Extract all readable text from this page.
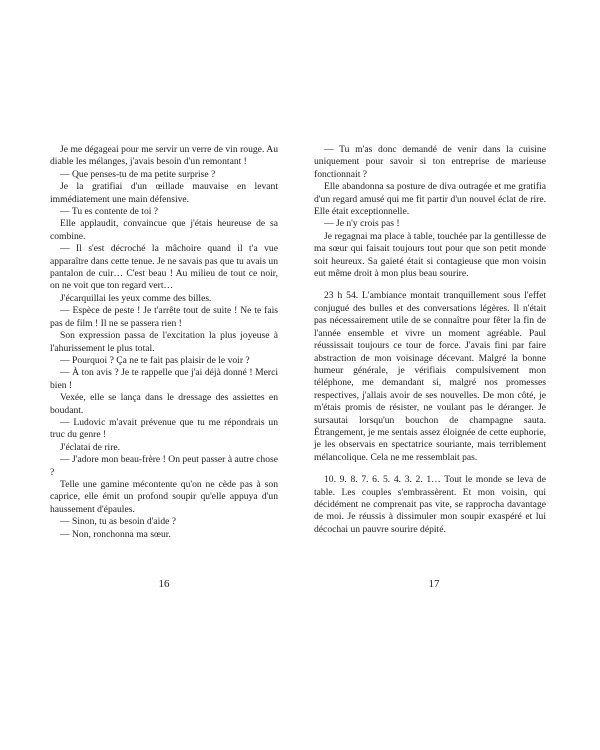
Je me dégageai pour me servir un verre de vin rouge. Au diable les mélanges, j'avais besoin d'un remontant !

— Que penses-tu de ma petite surprise ?

Je la gratifiai d'un œillade mauvaise en levant immédiatement une main défensive.

— Tu es contente de toi ?

Elle applaudit, convaincue que j'étais heureuse de sa combine.

— Il s'est décroché la mâchoire quand il t'a vue apparaître dans cette tenue. Je ne savais pas que tu avais un pantalon de cuir… C'est beau ! Au milieu de tout ce noir, on ne voit que ton regard vert…

J'écarquillai les yeux comme des billes.

— Espèce de peste ! Je t'arrête tout de suite ! Ne te fais pas de film ! Il ne se passera rien !

Son expression passa de l'excitation la plus joyeuse à l'ahurissement le plus total.

— Pourquoi ? Ça ne te fait pas plaisir de le voir ?

— À ton avis ? Je te rappelle que j'ai déjà donné ! Merci bien !

Vexée, elle se lança dans le dressage des assiettes en boudant.

— Ludovic m'avait prévenue que tu me répondrais un truc du genre !

J'éclatai de rire.

— J'adore mon beau-frère ! On peut passer à autre chose ?

Telle une gamine mécontente qu'on ne cède pas à son caprice, elle émit un profond soupir qu'elle appuya d'un haussement d'épaules.

— Sinon, tu as besoin d'aide ?

— Non, ronchonna ma sœur.

16

— Tu m'as donc demandé de venir dans la cuisine uniquement pour savoir si ton entreprise de marieuse fonctionnait ?

Elle abandonna sa posture de diva outragée et me gratifia d'un regard amusé qui me fit partir d'un nouvel éclat de rire. Elle était exceptionnelle.

— Je n'y crois pas !

Je regagnai ma place à table, touchée par la gentillesse de ma sœur qui faisait toujours tout pour que son petit monde soit heureux. Sa gaieté était si contagieuse que mon voisin eut même droit à mon plus beau sourire.

23 h 54. L'ambiance montait tranquillement sous l'effet conjugué des bulles et des conversations légères. Il n'était pas nécessairement utile de se connaître pour fêter la fin de l'année ensemble et vivre un moment agréable. Paul réussissait toujours ce tour de force. J'avais fini par faire abstraction de mon voisinage décevant. Malgré la bonne humeur générale, je vérifiais compulsivement mon téléphone, me demandant si, malgré nos promesses respectives, j'allais avoir de ses nouvelles. De mon côté, je m'étais promis de résister, ne voulant pas le déranger. Je sursautai lorsqu'un bouchon de champagne sauta. Étrangement, je me sentais assez éloignée de cette euphorie, je les observais en spectatrice souriante, mais terriblement mélancolique. Cela ne me ressemblait pas.

10. 9. 8. 7. 6. 5. 4. 3. 2. 1… Tout le monde se leva de table. Les couples s'embrassèrent. Et mon voisin, qui décidément ne comprenait pas vite, se rapprocha davantage de moi. Je réussis à dissimuler mon soupir exaspéré et lui décochai un pauvre sourire dépité.

17
